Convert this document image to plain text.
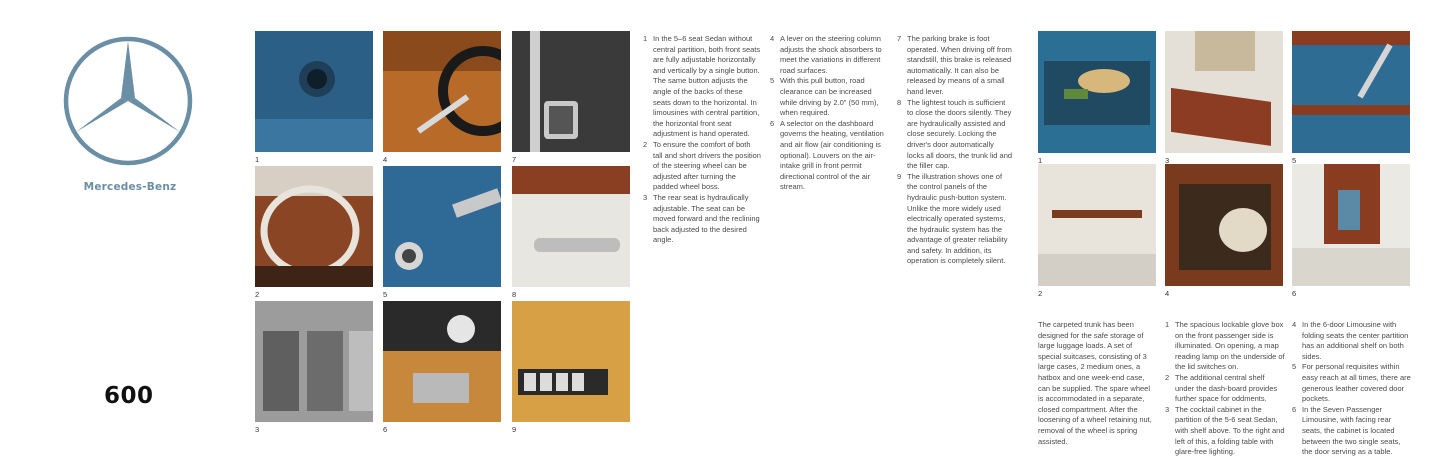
Mercedes-Benz
600
1
2
3
4
5
6
7
8
9
1 In the 5–6 seat Sedan without central partition, both front seats are fully adjustable horizontally and vertically by a single button. The same button adjusts the angle of the backs of these seats down to the horizontal. In limousines with central partition, the horizontal front seat adjustment is hand operated.
2 To ensure the comfort of both tall and short drivers the position of the steering wheel can be adjusted after turning the padded wheel boss.
3 The rear seat is hydraulically adjustable. The seat can be moved forward and the reclining back adjusted to the desired angle.
4 A lever on the steering column adjusts the shock absorbers to meet the variations in different road surfaces.
5 With this pull button, road clearance can be increased while driving by 2.0" (50 mm), when required.
6 A selector on the dashboard governs the heating, ventilation and air flow (air conditioning is optional). Louvers on the air-intake grill in front permit directional control of the air stream.
7 The parking brake is foot operated. When driving off from standstill, this brake is released automatically. It can also be released by means of a small hand lever.
8 The lightest touch is sufficient to close the doors silently. They are hydraulically assisted and close securely. Locking the driver's door automatically locks all doors, the trunk lid and the filler cap.
9 The illustration shows one of the control panels of the hydraulic push-button system. Unlike the more widely used electrically operated systems, the hydraulic system has the advantage of greater reliability and safety. In addition, its operation is completely silent.
1
2
3
4
5
6

The carpeted trunk has been designed for the safe storage of large luggage loads. A set of special suitcases, consisting of 3 large cases, 2 medium ones, a hatbox and one week-end case, can be supplied. The spare wheel is accommodated in a separate, closed compartment. After the loosening of a wheel retaining nut, removal of the wheel is spring assisted.

1 The spacious lockable glove box on the front passenger side is illuminated. On opening, a map reading lamp on the underside of the lid switches on.
2 The additional central shelf under the dash-board provides further space for oddments.
3 The cocktail cabinet in the partition of the 5-6 seat Sedan, with shelf above. To the right and left of this, a folding table with glare-free lighting.
4 In the 6-door Limousine with folding seats the center partition has an additional shelf on both sides.
5 For personal requisites within easy reach at all times, there are generous leather covered door pockets.
6 In the Seven Passenger Limousine, with facing rear seats, the cabinet is located between the two single seats, the door serving as a table.
